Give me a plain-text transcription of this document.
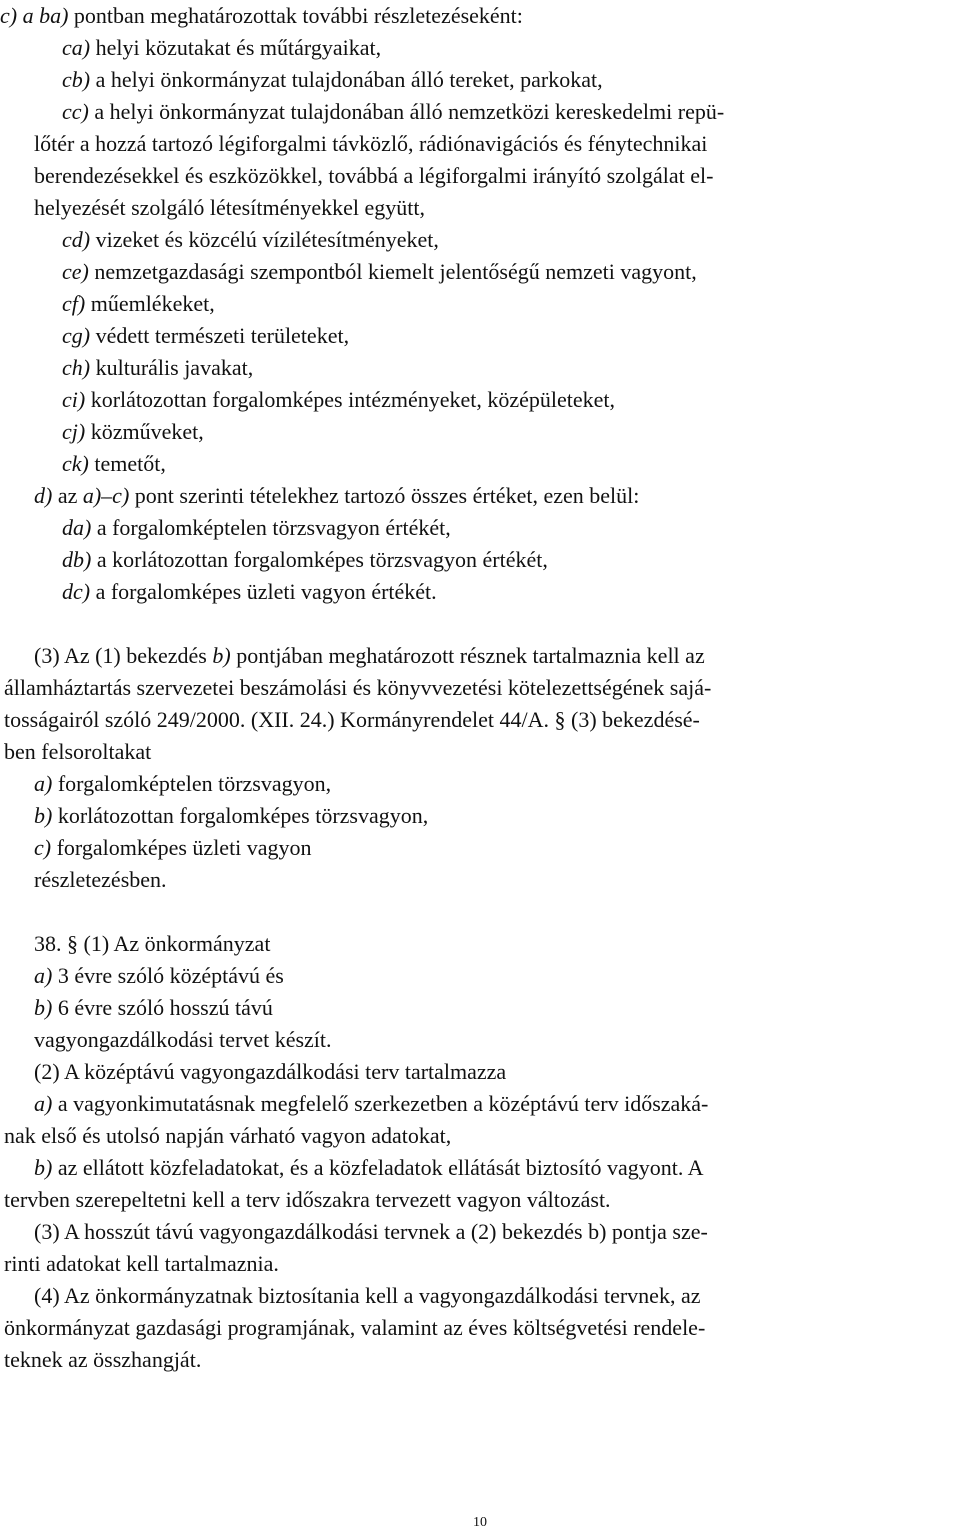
c) a ba) pontban meghatározottak további részletezéseként:
ca) helyi közutakat és műtárgyaikat,
cb) a helyi önkormányzat tulajdonában álló tereket, parkokat,
cc) a helyi önkormányzat tulajdonában álló nemzetközi kereskedelmi repü-
lőtér a hozzá tartozó légiforgalmi távközlő, rádiónavigációs és fénytechnikai
berendezésekkel és eszközökkel, továbbá a légiforgalmi irányító szolgálat el-
helyezését szolgáló létesítményekkel együtt,
cd) vizeket és közcélú vízilétesítményeket,
ce) nemzetgazdasági szempontból kiemelt jelentőségű nemzeti vagyont,
cf) műemlékeket,
cg) védett természeti területeket,
ch) kulturális javakat,
ci) korlátozottan forgalomképes intézményeket, középületeket,
cj) közműveket,
ck) temetőt,
d) az a)–c) pont szerinti tételekhez tartozó összes értéket, ezen belül:
da) a forgalomképtelen törzsvagyon értékét,
db) a korlátozottan forgalomképes törzsvagyon értékét,
dc) a forgalomképes üzleti vagyon értékét.
(3) Az (1) bekezdés b) pontjában meghatározott résznek tartalmaznia kell az
államháztartás szervezetei beszámolási és könyvvezetési kötelezettségének sajá-
tosságairól szóló 249/2000. (XII. 24.) Kormányrendelet 44/A. § (3) bekezdésé-
ben felsoroltakat
a) forgalomképtelen törzsvagyon,
b) korlátozottan forgalomképes törzsvagyon,
c) forgalomképes üzleti vagyon
részletezésben.
38. § (1) Az önkormányzat
a) 3 évre szóló középtávú és
b) 6 évre szóló hosszú távú
vagyongazdálkodási tervet készít.
(2) A középtávú vagyongazdálkodási terv tartalmazza
a) a vagyonkimutatásnak megfelelő szerkezetben a középtávú terv időszaká-
nak első és utolsó napján várható vagyon adatokat,
b) az ellátott közfeladatokat, és a közfeladatok ellátását biztosító vagyont. A
tervben szerepeltetni kell a terv időszakra tervezett vagyon változást.
(3) A hosszút távú vagyongazdálkodási tervnek a (2) bekezdés b) pontja sze-
rinti adatokat kell tartalmaznia.
(4) Az önkormányzatnak biztosítania kell a vagyongazdálkodási tervnek, az
önkormányzat gazdasági programjának, valamint az éves költségvetési rendele-
teknek az összhangját.
10
